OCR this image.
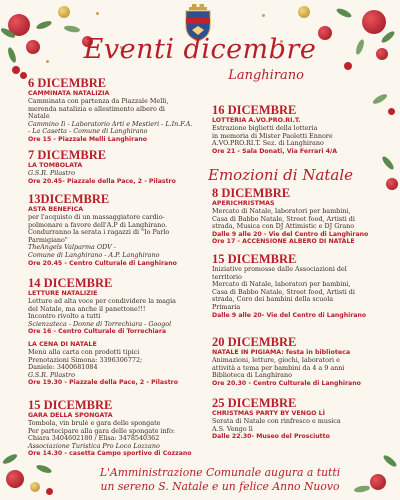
Eventi dicembre
Langhirano
6 DICEMBRE
CAMMINATA NATALIZIA
Camminata con partenza da Piazzale Melli,
merenda natalizia e allestimento albero di
Natale
Cammino Ii - Laboratorio Arti e Mestieri - L.In.F.A.
- La Casetta - Comune di Langhirano
Ore 15 - Piazzale Melli Langhirano
7 DICEMBRE
LA TOMBOLATA
G.S.R. Pilastro
Ore 20.45- Piazzale della Pace, 2 - Pilastro
13DICEMBRE
ASTA BENEFICA
per l'acquisto di un massaggiatore cardio-
polmonare a favore dell'A.P di Langhirano.
Condurranno la serata i ragazzi di "Io Parlo
Parmigiano"
TheAngels Valparma ODV -
Comune di Langhirano - A.P. Langhirano
Ore 20.45 - Centro Culturale di Langhirano
14 DICEMBRE
LETTURE NATALIZIE
Letture ad alta voce per condividere la magia
del Natale, ma anche il panettone!!!
Incontro rivolto a tutti
Scienzateca - Donne di Torrechiara - Googol
Ore 16 - Centro Culturale di Torrechiara
LA CENA DI NATALE
Menù alla carta con prodotti tipici
Prenotazioni Simona: 3396306772;
Daniele: 3400681084
G.S.R. Pilastro
Ore 19.30 - Piazzale della Pace, 2 - Pilastro
15 DICEMBRE
GARA DELLA SPONGATA
Tombola, vin brulè e gara delle spongate
Per partecipare alla gara delle spongate info:
Chiara 3404602180 / Elisa: 3478540362
Associazione Turistica Pro Loco Lozzano
Ore 14.30 - casetta Campo sportivo di Cozzano
16 DICEMBRE
LOTTERIA A.VO.PRO.RI.T.
Estrazione biglietti della lotteria
in memoria di Mister Paoletti Ennore
A.VO.PRO.RI.T. Sez. di Langhirano
Ore 21 - Sala Donati, Via Ferrari 4/A
Emozioni di Natale
8 DICEMBRE
APERICHRISTMAS
Mercato di Natale, laboratori per bambini,
Casa di Babbo Natale, Street food, Artisti di
strada, Musica con DJ Attimistic e DJ Grano
Dalle 9 alle 20 - Vie del Centro di Langhirano
Ore 17 - ACCENSIONE ALBERO DI NATALE
15 DICEMBRE
Iniziative promosse dalle Associazioni del
territorio
Mercato di Natale, laboratori per bambini,
Casa di Babbo Natale, Street food, Artisti di
strada, Coro dei bambini della scuola
Primaria
Dalle 9 alle 20- Vie del Centro di Langhirano
20 DICEMBRE
NATALE IN PIGIAMA: festa in biblioteca
Animazioni, letture, giochi, laboratori e
attività a tema per bambini da 4 a 9 anni
Biblioteca di Langhirano
Ore 20.30 - Centro Culturale di Langhirano
25 DICEMBRE
CHRISTMAS PARTY BY VENGO LÌ
Serata di Natale con rinfresco e musica
A.S. Vengo lì
Dalle 22.30- Museo del Prosciutto
L'Amministrazione Comunale augura a tutti
un sereno S. Natale e un felice Anno Nuovo
